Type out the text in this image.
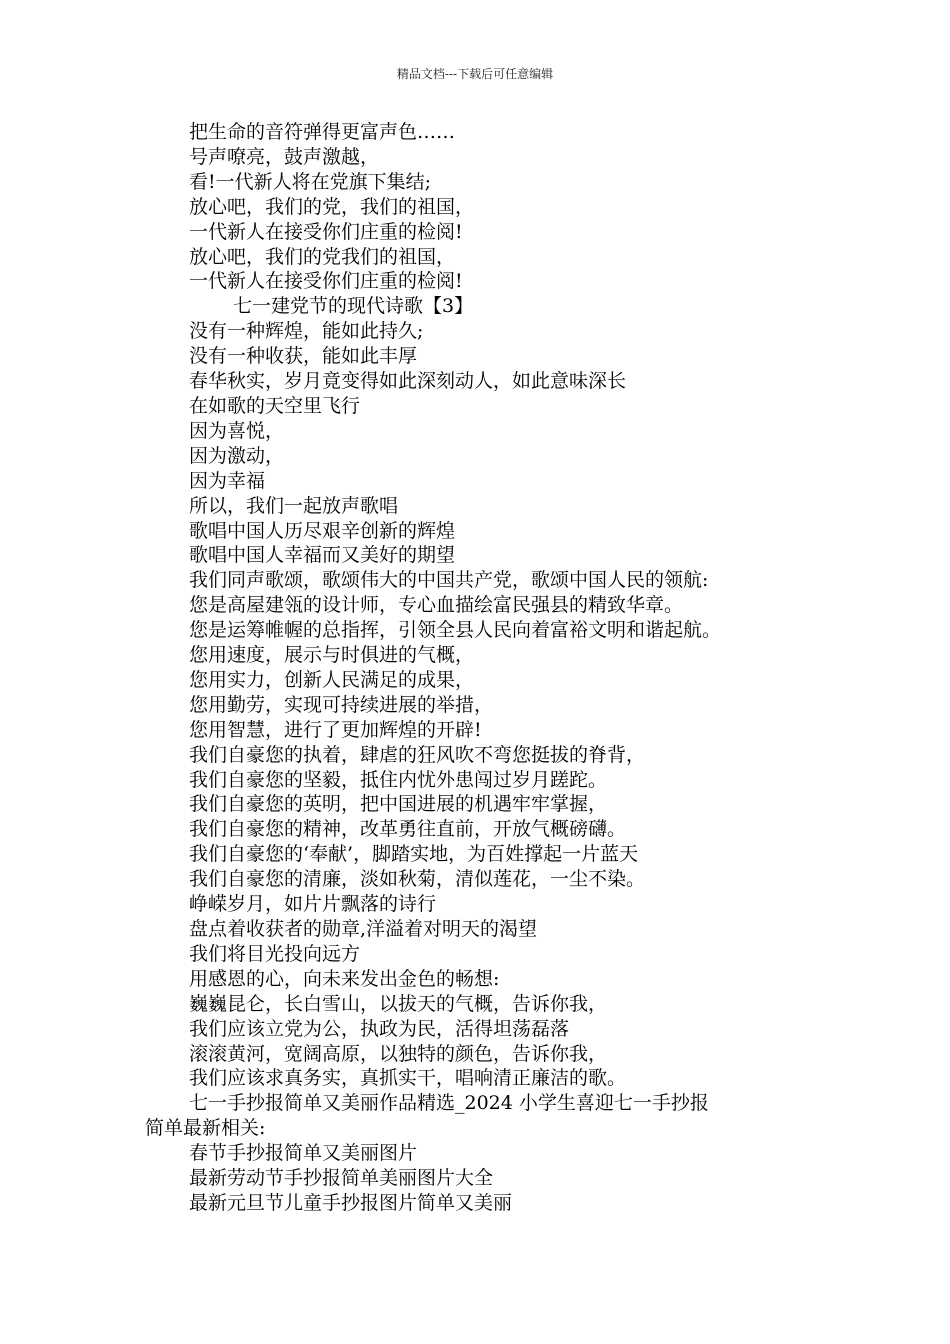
精品文档---下载后可任意编辑
把生命的音符弹得更富声色……
号声嘹亮，鼓声激越，
看!一代新人将在党旗下集结;
放心吧，我们的党，我们的祖国，
一代新人在接受你们庄重的检阅!
放心吧，我们的党我们的祖国，
一代新人在接受你们庄重的检阅!
七一建党节的现代诗歌【3】
没有一种辉煌，能如此持久;
没有一种收获，能如此丰厚
春华秋实，岁月竟变得如此深刻动人，如此意味深长
在如歌的天空里飞行
因为喜悦，
因为激动，
因为幸福
所以，我们一起放声歌唱
歌唱中国人历尽艰辛创新的辉煌
歌唱中国人幸福而又美好的期望
我们同声歌颂，歌颂伟大的中国共产党，歌颂中国人民的领航:
您是高屋建瓴的设计师，专心血描绘富民强县的精致华章。
您是运筹帷幄的总指挥，引领全县人民向着富裕文明和谐起航。
您用速度，展示与时俱进的气概，
您用实力，创新人民满足的成果，
您用勤劳，实现可持续进展的举措，
您用智慧，进行了更加辉煌的开辟!
我们自豪您的执着，肆虐的狂风吹不弯您挺拔的脊背，
我们自豪您的坚毅，抵住内忧外患闯过岁月蹉跎。
我们自豪您的英明，把中国进展的机遇牢牢掌握，
我们自豪您的精神，改革勇往直前，开放气概磅礴。
我们自豪您的‘奉献’，脚踏实地，为百姓撑起一片蓝天
我们自豪您的清廉，淡如秋菊，清似莲花，一尘不染。
峥嵘岁月，如片片飘落的诗行
盘点着收获者的勋章,洋溢着对明天的渴望
我们将目光投向远方
用感恩的心，向未来发出金色的畅想:
巍巍昆仑，长白雪山，以拔天的气概，告诉你我，
我们应该立党为公，执政为民，活得坦荡磊落
滚滚黄河，宽阔高原，以独特的颜色，告诉你我，
我们应该求真务实，真抓实干，唱响清正廉洁的歌。
七一手抄报简单又美丽作品精选_2024 小学生喜迎七一手抄报
简单最新相关:
春节手抄报简单又美丽图片
最新劳动节手抄报简单美丽图片大全
最新元旦节儿童手抄报图片简单又美丽
